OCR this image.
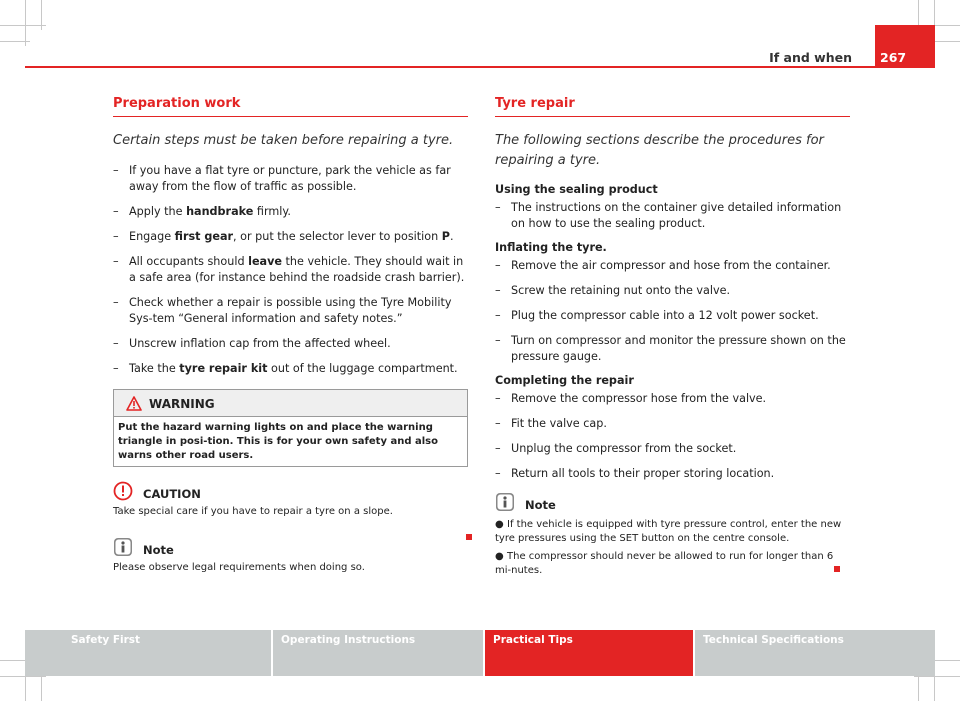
If and when 267
Preparation work
Certain steps must be taken before repairing a tyre.
– If you have a flat tyre or puncture, park the vehicle as far away from the flow of traffic as possible.
– Apply the handbrake firmly.
– Engage first gear, or put the selector lever to position P.
– All occupants should leave the vehicle. They should wait in a safe area (for instance behind the roadside crash barrier).
– Check whether a repair is possible using the Tyre Mobility Sys-tem “General information and safety notes.”
– Unscrew inflation cap from the affected wheel.
– Take the tyre repair kit out of the luggage compartment.
WARNING
Put the hazard warning lights on and place the warning triangle in posi-tion. This is for your own safety and also warns other road users.
CAUTION
Take special care if you have to repair a tyre on a slope.
Note
Please observe legal requirements when doing so.
Tyre repair
The following sections describe the procedures for repairing a tyre.
Using the sealing product
– The instructions on the container give detailed information on how to use the sealing product.
Inflating the tyre.
– Remove the air compressor and hose from the container.
– Screw the retaining nut onto the valve.
– Plug the compressor cable into a 12 volt power socket.
– Turn on compressor and monitor the pressure shown on the pressure gauge.
Completing the repair
– Remove the compressor hose from the valve.
– Fit the valve cap.
– Unplug the compressor from the socket.
– Return all tools to their proper storing location.
Note
● If the vehicle is equipped with tyre pressure control, enter the new tyre pressures using the SET button on the centre console.
● The compressor should never be allowed to run for longer than 6 mi-nutes.
Safety First	Operating Instructions	Practical Tips	Technical Specifications
